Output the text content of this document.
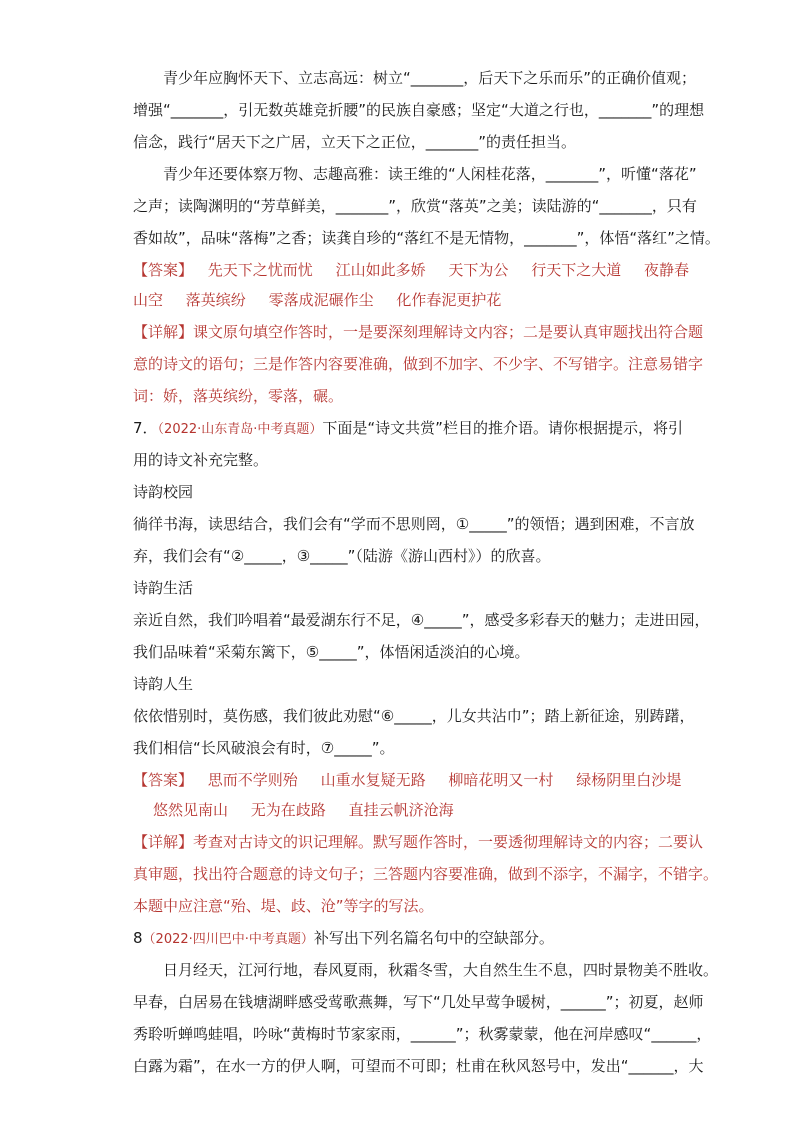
青少年应胸怀天下、立志高远：树立“_______，后天下之乐而乐”的正确价值观；
增强“_______，引无数英雄竞折腰”的民族自豪感；坚定“大道之行也，_______”的理想
信念，践行“居天下之广居，立天下之正位，_______”的责任担当。
青少年还要体察万物、志趣高雅：读王维的“人闲桂花落，_______”，听懂“落花”
之声；读陶渊明的“芳草鲜美，_______”，欣赏“落英”之美；读陆游的“_______，只有
香如故”，品味“落梅”之香；读龚自珍的“落红不是无情物，_______”，体悟“落红”之情。
【答案】 先天下之忧而忧 江山如此多娇 天下为公 行天下之大道 夜静春
山空 落英缤纷 零落成泥碾作尘 化作春泥更护花
【详解】课文原句填空作答时，一是要深刻理解诗文内容；二是要认真审题找出符合题
意的诗文的语句；三是作答内容要准确，做到不加字、不少字、不写错字。注意易错字
词：娇，落英缤纷，零落，碾。
7．（2022·山东青岛·中考真题）下面是“诗文共赏”栏目的推介语。请你根据提示，将引
用的诗文补充完整。
诗韵校园
徜徉书海，读思结合，我们会有“学而不思则罔，①_____”的领悟；遇到困难，不言放
弃，我们会有“②_____，③_____”（陆游《游山西村》）的欣喜。
诗韵生活
亲近自然，我们吟唱着“最爱湖东行不足，④_____”，感受多彩春天的魅力；走进田园，
我们品味着“采菊东篱下，⑤_____”，体悟闲适淡泊的心境。
诗韵人生
依依惜别时，莫伤感，我们彼此劝慰“⑥_____，儿女共沾巾”；踏上新征途，别踌躇，
我们相信“长风破浪会有时，⑦_____”。
【答案】 思而不学则殆 山重水复疑无路 柳暗花明又一村 绿杨阴里白沙堤
悠然见南山 无为在歧路 直挂云帆济沧海
【详解】考查对古诗文的识记理解。默写题作答时，一要透彻理解诗文的内容；二要认
真审题，找出符合题意的诗文句子；三答题内容要准确，做到不添字，不漏字，不错字。
本题中应注意“殆、堤、歧、沧”等字的写法。
8（2022·四川巴中·中考真题）补写出下列名篇名句中的空缺部分。
日月经天，江河行地，春风夏雨，秋霜冬雪，大自然生生不息，四时景物美不胜收。
早春，白居易在钱塘湖畔感受莺歌燕舞，写下“几处早莺争暖树，______”；初夏，赵师
秀聆听蝉鸣蛙唱，吟咏“黄梅时节家家雨，______”；秋雾蒙蒙，他在河岸感叹“______，
白露为霜”，在水一方的伊人啊，可望而不可即；杜甫在秋风怒号中，发出“______，大
